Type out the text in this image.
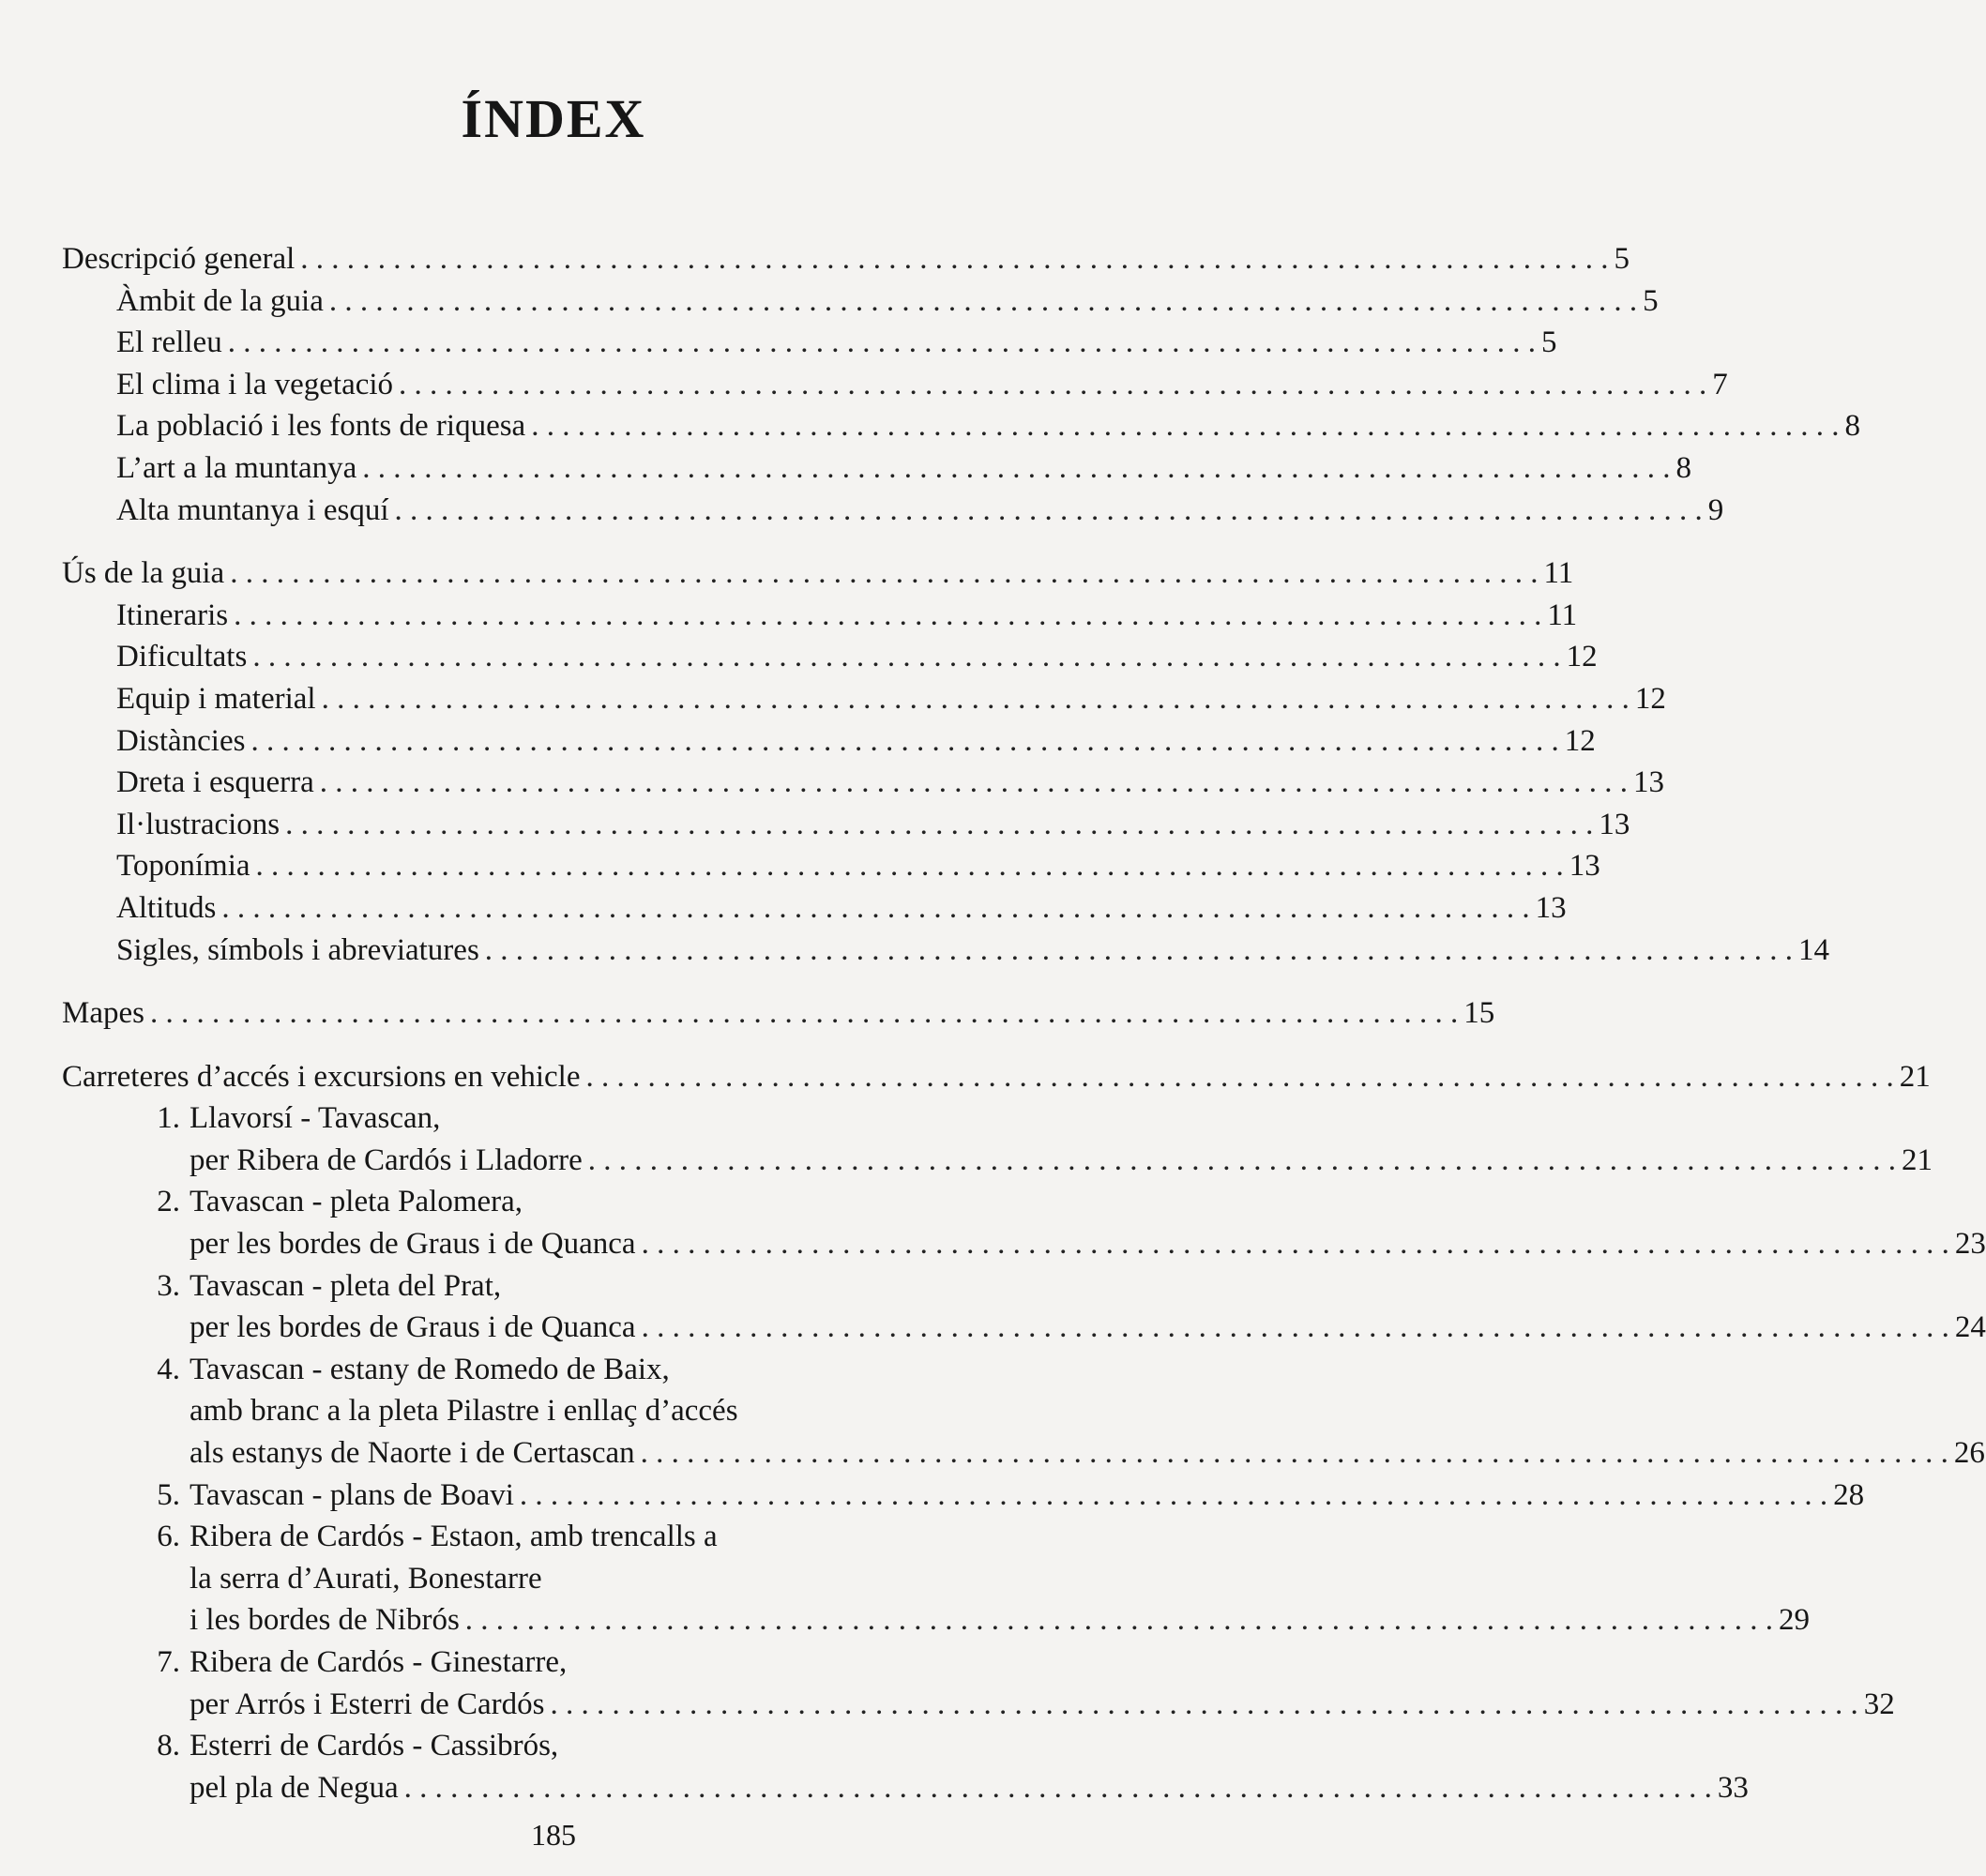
ÍNDEX
Descripció general . . .	5
Àmbit de la guia . . .	5
El relleu . . .	5
El clima i la vegetació . . .	7
La població i les fonts de riquesa . . .	8
L’art a la muntanya . . .	8
Alta muntanya i esquí . . .	9
Ús de la guia . . .	11
Itineraris . . .	11
Dificultats . . .	12
Equip i material . . .	12
Distàncies . . .	12
Dreta i esquerra . . .	13
Il·lustracions . . .	13
Toponímia . . .	13
Altituds . . .	13
Sigles, símbols i abreviatures . . .	14
Mapes . . .	15
Carreteres d’accés i excursions en vehicle . . .	21
1. Llavorsí - Tavascan,
per Ribera de Cardós i Lladorre . . .	21
2. Tavascan - pleta Palomera,
per les bordes de Graus i de Quanca . . .	23
3. Tavascan - pleta del Prat,
per les bordes de Graus i de Quanca . . .	24
4. Tavascan - estany de Romedo de Baix,
amb branc a la pleta Pilastre i enllaç d’accés
als estanys de Naorte i de Certascan . . .	26
5. Tavascan - plans de Boavi . . .	28
6. Ribera de Cardós - Estaon, amb trencalls a
la serra d’Aurati, Bonestarre
i les bordes de Nibrós . . .	29
7. Ribera de Cardós - Ginestarre,
per Arrós i Esterri de Cardós . . .	32
8. Esterri de Cardós - Cassibrós,
pel pla de Negua . . .	33
185
